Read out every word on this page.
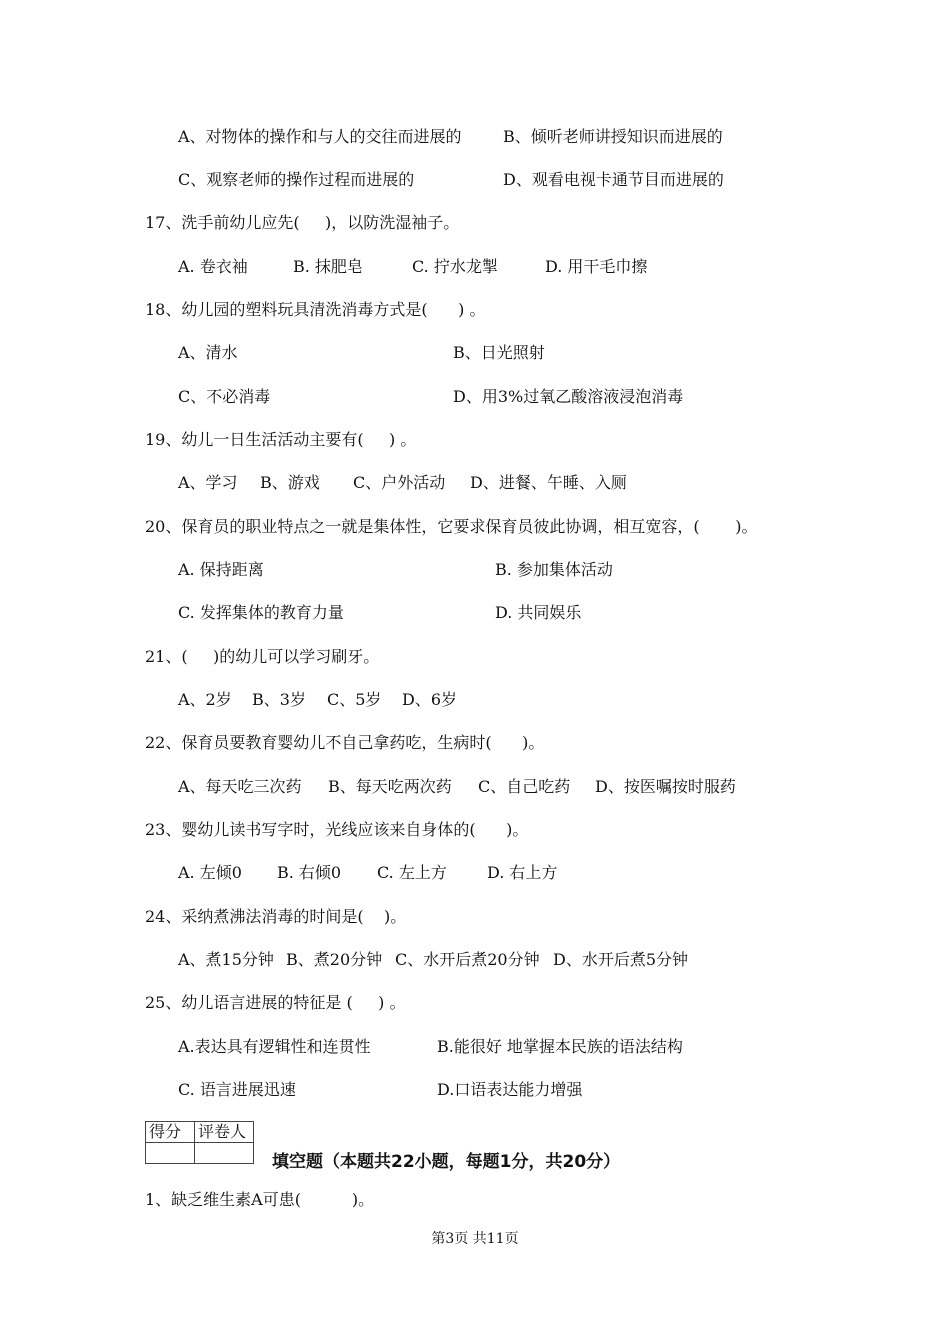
A、对物体的操作和与人的交往而进展的	B、倾听老师讲授知识而进展的
C、观察老师的操作过程而进展的	D、观看电视卡通节目而进展的
17、洗手前幼儿应先(     )，以防洗湿袖子。
A. 卷衣袖	B. 抹肥皂	C. 拧水龙掣	D. 用干毛巾擦
18、幼儿园的塑料玩具清洗消毒方式是(      ) 。
A、清水	B、日光照射
C、不必消毒	D、用3%过氧乙酸溶液浸泡消毒
19、幼儿一日生活活动主要有(     ) 。
A、学习 B、游戏 C、户外活动 D、进餐、午睡、入厕
20、保育员的职业特点之一就是集体性，它要求保育员彼此协调，相互宽容，(       )。
A. 保持距离	B. 参加集体活动
C. 发挥集体的教育力量	D. 共同娱乐
21、(     )的幼儿可以学习刷牙。
A、2岁 B、3岁 C、5岁 D、6岁
22、保育员要教育婴幼儿不自己拿药吃，生病时(      )。
A、每天吃三次药 B、每天吃两次药 C、自己吃药 D、按医嘱按时服药
23、婴幼儿读书写字时，光线应该来自身体的(      )。
A. 左倾0 B. 右倾0 C. 左上方	D. 右上方
24、采纳煮沸法消毒的时间是(    )。
A、煮15分钟 B、煮20分钟 C、水开后煮20分钟 D、水开后煮5分钟
25、幼儿语言进展的特征是 (     ) 。
A.表达具有逻辑性和连贯性	B.能很好 地掌握本民族的语法结构
C. 语言进展迅速	D.口语表达能力增强
得分	评卷人

填空题（本题共22小题，每题1分，共20分）
1、缺乏维生素A可患(          )。
第3页 共11页
